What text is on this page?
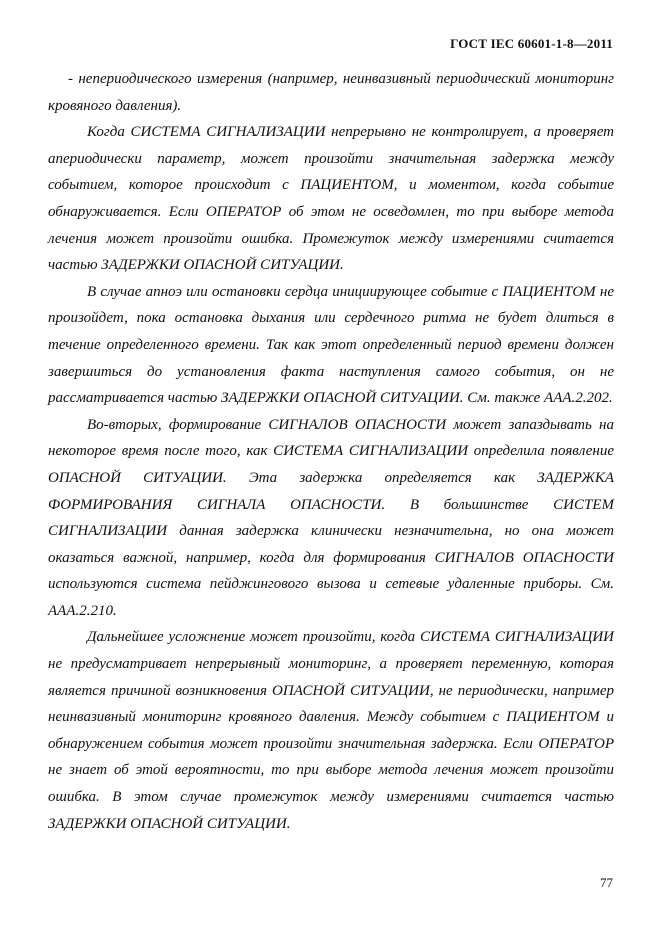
ГОСТ IEC 60601-1-8—2011

- непериодического измерения (например, неинвазивный периодический мониторинг кровяного давления).

Когда СИСТЕМА СИГНАЛИЗАЦИИ непрерывно не контролирует, а проверяет апериодически параметр, может произойти значительная задержка между событием, которое происходит с ПАЦИЕНТОМ, и моментом, когда событие обнаруживается. Если ОПЕРАТОР об этом не осведомлен, то при выборе метода лечения может произойти ошибка. Промежуток между измерениями считается частью ЗАДЕРЖКИ ОПАСНОЙ СИТУАЦИИ.

В случае апноэ или остановки сердца инициирующее событие с ПАЦИЕНТОМ не произойдет, пока остановка дыхания или сердечного ритма не будет длиться в течение определенного времени. Так как этот определенный период времени должен завершиться до установления факта наступления самого события, он не рассматривается частью ЗАДЕРЖКИ ОПАСНОЙ СИТУАЦИИ. См. также ААА.2.202.

Во-вторых, формирование СИГНАЛОВ ОПАСНОСТИ может запаздывать на некоторое время после того, как СИСТЕМА СИГНАЛИЗАЦИИ определила появление ОПАСНОЙ СИТУАЦИИ. Эта задержка определяется как ЗАДЕРЖКА ФОРМИРОВАНИЯ СИГНАЛА ОПАСНОСТИ. В большинстве СИСТЕМ СИГНАЛИЗАЦИИ данная задержка клинически незначительна, но она может оказаться важной, например, когда для формирования СИГНАЛОВ ОПАСНОСТИ используются система пейджингового вызова и сетевые удаленные приборы. См. ААА.2.210.

Дальнейшее усложнение может произойти, когда СИСТЕМА СИГНАЛИЗАЦИИ не предусматривает непрерывный мониторинг, а проверяет переменную, которая является причиной возникновения ОПАСНОЙ СИТУАЦИИ, не периодически, например неинвазивный мониторинг кровяного давления. Между событием с ПАЦИЕНТОМ и обнаружением события может произойти значительная задержка. Если ОПЕРАТОР не знает об этой вероятности, то при выборе метода лечения может произойти ошибка. В этом случае промежуток между измерениями считается частью ЗАДЕРЖКИ ОПАСНОЙ СИТУАЦИИ.

77
